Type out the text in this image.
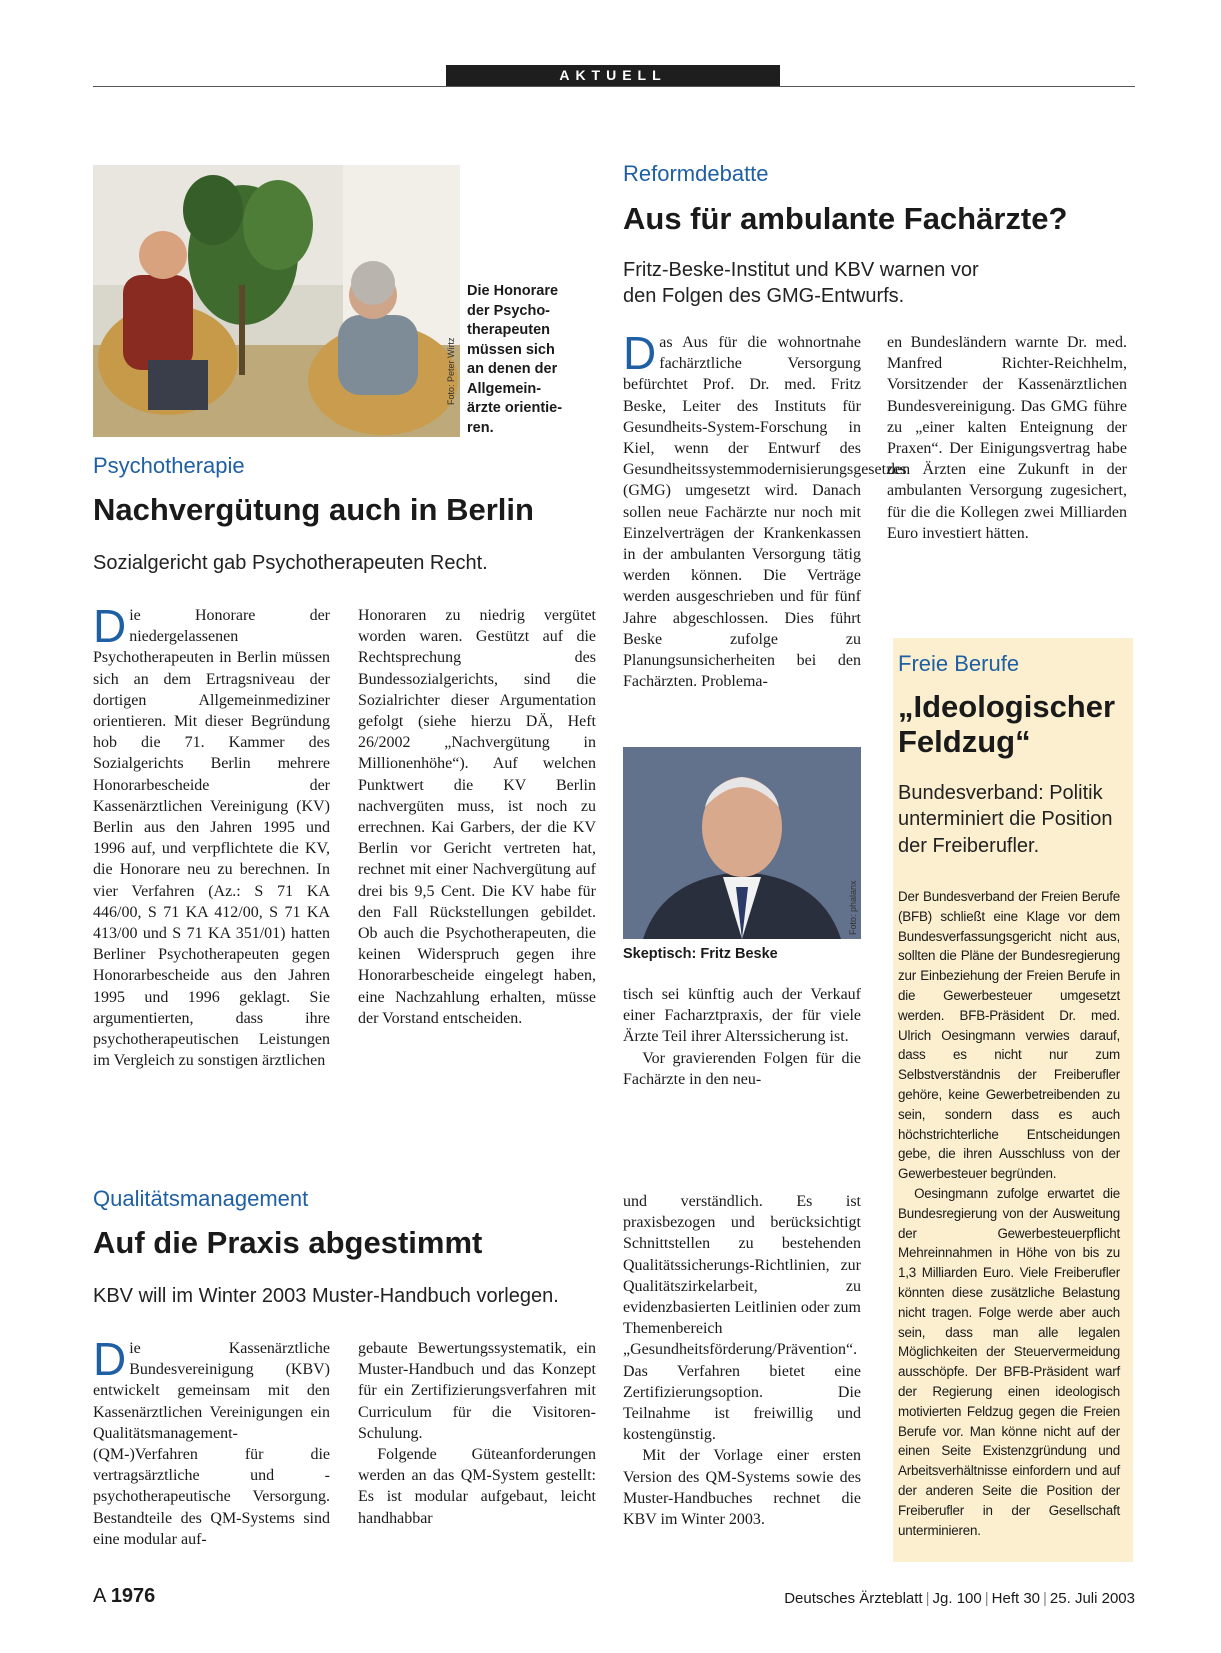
AKTUELL
Foto: Peter Wirtz
Die Honorare der Psycho-therapeuten müssen sich an denen der Allgemein-ärzte orientie-ren.
Psychotherapie
Nachvergütung auch in Berlin
Sozialgericht gab Psychotherapeuten Recht.
Die Honorare der niedergelassenen Psychotherapeuten in Berlin müssen sich an dem Ertragsniveau der dortigen Allgemeinmediziner orientieren. Mit dieser Begründung hob die 71. Kammer des Sozialgerichts Berlin mehrere Honorarbescheide der Kassenärztlichen Vereinigung (KV) Berlin aus den Jahren 1995 und 1996 auf, und verpflichtete die KV, die Honorare neu zu berechnen. In vier Verfahren (Az.: S 71 KA 446/00, S 71 KA 412/00, S 71 KA 413/00 und S 71 KA 351/01) hatten Berliner Psychotherapeuten gegen Honorarbescheide aus den Jahren 1995 und 1996 geklagt. Sie argumentierten, dass ihre psychotherapeutischen Leistungen im Vergleich zu sonstigen ärztlichen
Honoraren zu niedrig vergütet worden waren. Gestützt auf die Rechtsprechung des Bundessozialgerichts, sind die Sozialrichter dieser Argumentation gefolgt (siehe hierzu DÄ, Heft 26/2002 „Nachvergütung in Millionenhöhe“). Auf welchen Punktwert die KV Berlin nachvergüten muss, ist noch zu errechnen. Kai Garbers, der die KV Berlin vor Gericht vertreten hat, rechnet mit einer Nachvergütung auf drei bis 9,5 Cent. Die KV habe für den Fall Rückstellungen gebildet. Ob auch die Psychotherapeuten, die keinen Widerspruch gegen ihre Honorarbescheide eingelegt haben, eine Nachzahlung erhalten, müsse der Vorstand entscheiden.
Reformdebatte
Aus für ambulante Fachärzte?
Fritz-Beske-Institut und KBV warnen vor den Folgen des GMG-Entwurfs.
Das Aus für die wohnortnahe fachärztliche Versorgung befürchtet Prof. Dr. med. Fritz Beske, Leiter des Instituts für Gesundheits-System-Forschung in Kiel, wenn der Entwurf des Gesundheitssystemmodernisierungsgesetzes (GMG) umgesetzt wird. Danach sollen neue Fachärzte nur noch mit Einzelverträgen der Krankenkassen in der ambulanten Versorgung tätig werden können. Die Verträge werden ausgeschrieben und für fünf Jahre abgeschlossen. Dies führt Beske zufolge zu Planungsunsicherheiten bei den Fachärzten. Problema-
Foto: phalanx
Skeptisch: Fritz Beske

tisch sei künftig auch der Verkauf einer Facharztpraxis, der für viele Ärzte Teil ihrer Alterssicherung ist.

Vor gravierenden Folgen für die Fachärzte in den neu-

en Bundesländern warnte Dr. med. Manfred Richter-Reichhelm, Vorsitzender der Kassenärztlichen Bundesvereinigung. Das GMG führe zu „einer kalten Enteignung der Praxen“. Der Einigungsvertrag habe den Ärzten eine Zukunft in der ambulanten Versorgung zugesichert, für die die Kollegen zwei Milliarden Euro investiert hätten.
Freie Berufe
„Ideologischer Feldzug“
Bundesverband: Politik unterminiert die Position der Freiberufler.

Der Bundesverband der Freien Berufe (BFB) schließt eine Klage vor dem Bundesverfassungsgericht nicht aus, sollten die Pläne der Bundesregierung zur Einbeziehung der Freien Berufe in die Gewerbesteuer umgesetzt werden. BFB-Präsident Dr. med. Ulrich Oesingmann verwies darauf, dass es nicht nur zum Selbstverständnis der Freiberufler gehöre, keine Gewerbetreibenden zu sein, sondern dass es auch höchstrichterliche Entscheidungen gebe, die ihren Ausschluss von der Gewerbesteuer begründen.

Oesingmann zufolge erwartet die Bundesregierung von der Ausweitung der Gewerbesteuerpflicht Mehreinnahmen in Höhe von bis zu 1,3 Milliarden Euro. Viele Freiberufler könnten diese zusätzliche Belastung nicht tragen. Folge werde aber auch sein, dass man alle legalen Möglichkeiten der Steuervermeidung ausschöpfe. Der BFB-Präsident warf der Regierung einen ideologisch motivierten Feldzug gegen die Freien Berufe vor. Man könne nicht auf der einen Seite Existenzgründung und Arbeitsverhältnisse einfordern und auf der anderen Seite die Position der Freiberufler in der Gesellschaft unterminieren.

Qualitätsmanagement
Auf die Praxis abgestimmt
KBV will im Winter 2003 Muster-Handbuch vorlegen.
Die Kassenärztliche Bundesvereinigung (KBV) entwickelt gemeinsam mit den Kassenärztlichen Vereinigungen ein Qualitätsmanagement-(QM-)Verfahren für die vertragsärztliche und -psychotherapeutische Versorgung. Bestandteile des QM-Systems sind eine modular auf-

gebaute Bewertungssystematik, ein Muster-Handbuch und das Konzept für ein Zertifizierungsverfahren mit Curriculum für die Visitoren-Schulung.

Folgende Güteanforderungen werden an das QM-System gestellt: Es ist modular aufgebaut, leicht handhabbar

und verständlich. Es ist praxisbezogen und berücksichtigt Schnittstellen zu bestehenden Qualitätssicherungs-Richtlinien, zur Qualitätszirkelarbeit, zu evidenzbasierten Leitlinien oder zum Themenbereich „Gesundheitsförderung/Prävention“. Das Verfahren bietet eine Zertifizierungsoption. Die Teilnahme ist freiwillig und kostengünstig.

Mit der Vorlage einer ersten Version des QM-Systems sowie des Muster-Handbuches rechnet die KBV im Winter 2003.

A 1976	Deutsches Ärzteblatt | Jg. 100 | Heft 30 | 25. Juli 2003
